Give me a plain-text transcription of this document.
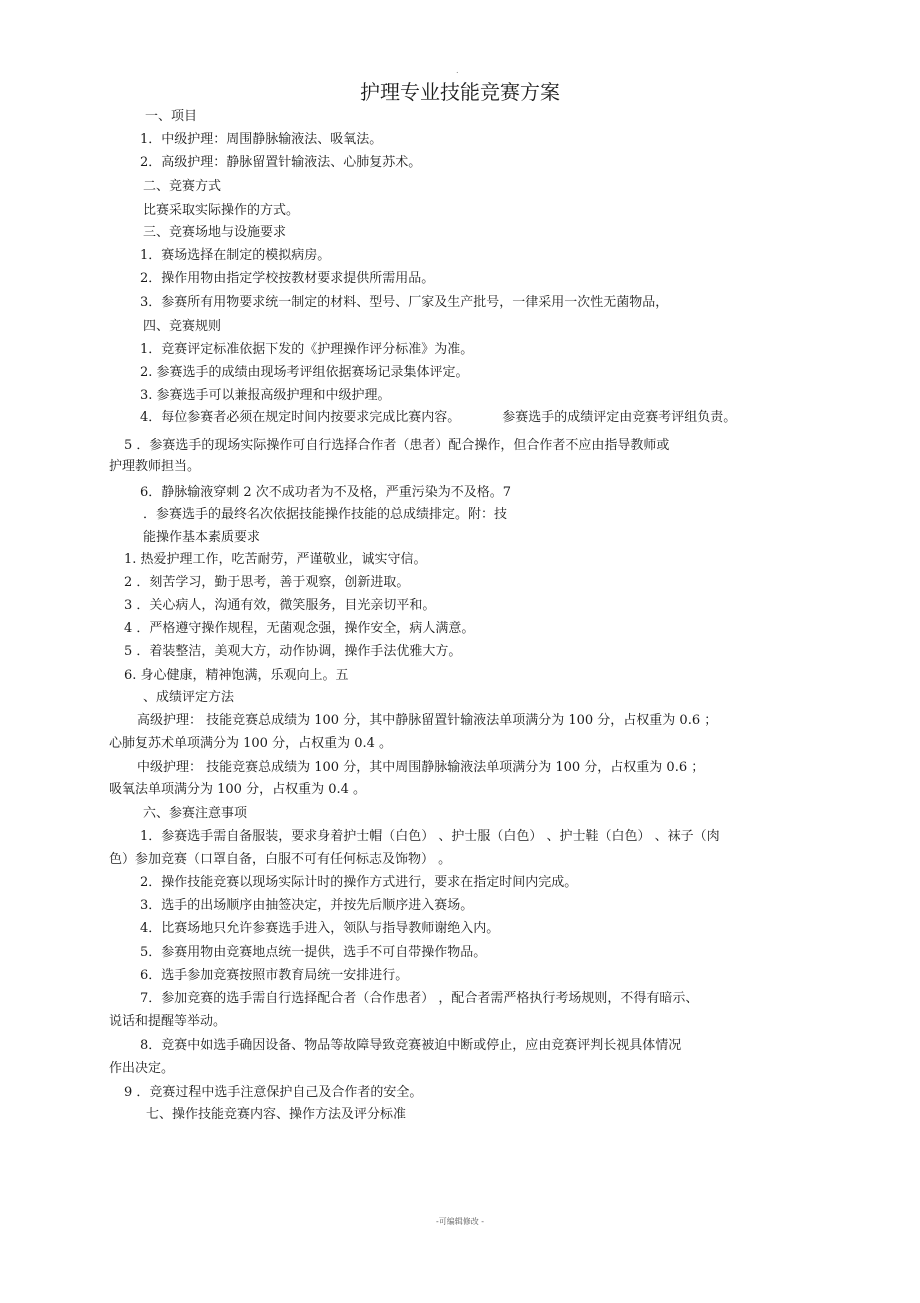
.
护理专业技能竞赛方案

一、项目

1．中级护理：周围静脉输液法、吸氧法。

2．高级护理：静脉留置针输液法、心肺复苏术。

二、竞赛方式

比赛采取实际操作的方式。

三、竞赛场地与设施要求

1．赛场选择在制定的模拟病房。

2．操作用物由指定学校按教材要求提供所需用品。

3．参赛所有用物要求统一制定的材料、型号、厂家及生产批号，一律采用一次性无菌物品，

四、竞赛规则

1．竞赛评定标准依据下发的《护理操作评分标准》为准。

2. 参赛选手的成绩由现场考评组依据赛场记录集体评定。

3. 参赛选手可以兼报高级护理和中级护理。

4．每位参赛者必须在规定时间内按要求完成比赛内容。	参赛选手的成绩评定由竞赛考评组负责。

5 ．参赛选手的现场实际操作可自行选择合作者（患者）配合操作，但合作者不应由指导教师或

护理教师担当。

6．静脉输液穿刺 2 次不成功者为不及格，严重污染为不及格。7

．参赛选手的最终名次依据技能操作技能的总成绩排定。附：技

能操作基本素质要求

1. 热爱护理工作，吃苦耐劳，严谨敬业，诚实守信。

2 ．刻苦学习，勤于思考，善于观察，创新进取。

3 ．关心病人，沟通有效，微笑服务，目光亲切平和。

4 ．严格遵守操作规程，无菌观念强，操作安全，病人满意。

5 ．着装整洁，美观大方，动作协调，操作手法优雅大方。

6. 身心健康，精神饱满，乐观向上。五

、成绩评定方法

高级护理： 技能竞赛总成绩为 100 分，其中静脉留置针输液法单项满分为 100 分，占权重为 0.6 ；

心肺复苏术单项满分为 100 分，占权重为 0.4 。

中级护理： 技能竞赛总成绩为 100 分，其中周围静脉输液法单项满分为 100 分，占权重为 0.6 ；

吸氧法单项满分为 100 分，占权重为 0.4 。

六、参赛注意事项

1．参赛选手需自备服装，要求身着护士帽（白色） 、护士服（白色） 、护士鞋（白色） 、袜子（肉

色）参加竞赛（口罩自备，白服不可有任何标志及饰物） 。

2．操作技能竞赛以现场实际计时的操作方式进行，要求在指定时间内完成。

3．选手的出场顺序由抽签决定，并按先后顺序进入赛场。

4．比赛场地只允许参赛选手进入，领队与指导教师谢绝入内。

5．参赛用物由竞赛地点统一提供，选手不可自带操作物品。

6．选手参加竞赛按照市教育局统一安排进行。

7．参加竞赛的选手需自行选择配合者（合作患者） ，配合者需严格执行考场规则，不得有暗示、

说话和提醒等举动。

8．竞赛中如选手确因设备、物品等故障导致竞赛被迫中断或停止，应由竞赛评判长视具体情况

作出决定。

9 ．竞赛过程中选手注意保护自己及合作者的安全。

七、操作技能竞赛内容、操作方法及评分标准

-可编辑修改 -
